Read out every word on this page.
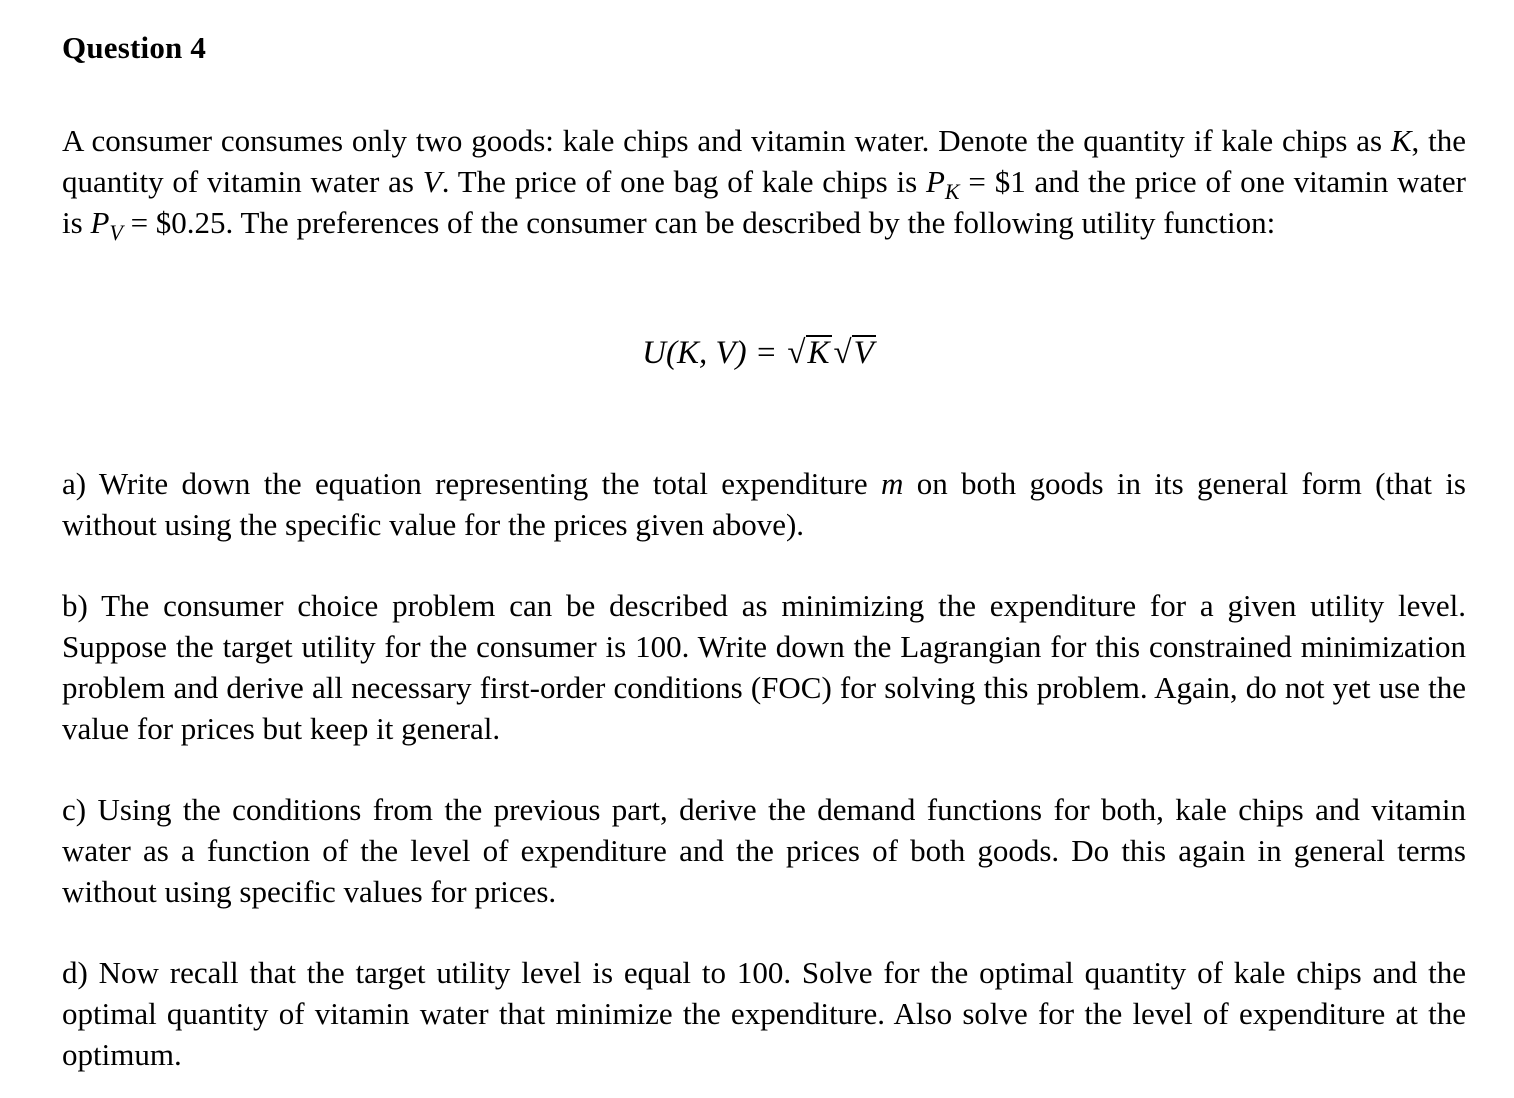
Question 4

A consumer consumes only two goods: kale chips and vitamin water. Denote the quantity if kale chips as K, the quantity of vitamin water as V. The price of one bag of kale chips is $P_K$ = $1 and the price of one vitamin water is $P_V$ = $0.25. The preferences of the consumer can be described by the following utility function:

U(K, V) = √K √V

a) Write down the equation representing the total expenditure m on both goods in its general form (that is without using the specific value for the prices given above).

b) The consumer choice problem can be described as minimizing the expenditure for a given utility level. Suppose the target utility for the consumer is 100. Write down the Lagrangian for this constrained minimization problem and derive all necessary first-order conditions (FOC) for solving this problem. Again, do not yet use the value for prices but keep it general.

c) Using the conditions from the previous part, derive the demand functions for both, kale chips and vitamin water as a function of the level of expenditure and the prices of both goods. Do this again in general terms without using specific values for prices.

d) Now recall that the target utility level is equal to 100. Solve for the optimal quantity of kale chips and the optimal quantity of vitamin water that minimize the expenditure. Also solve for the level of expenditure at the optimum.
